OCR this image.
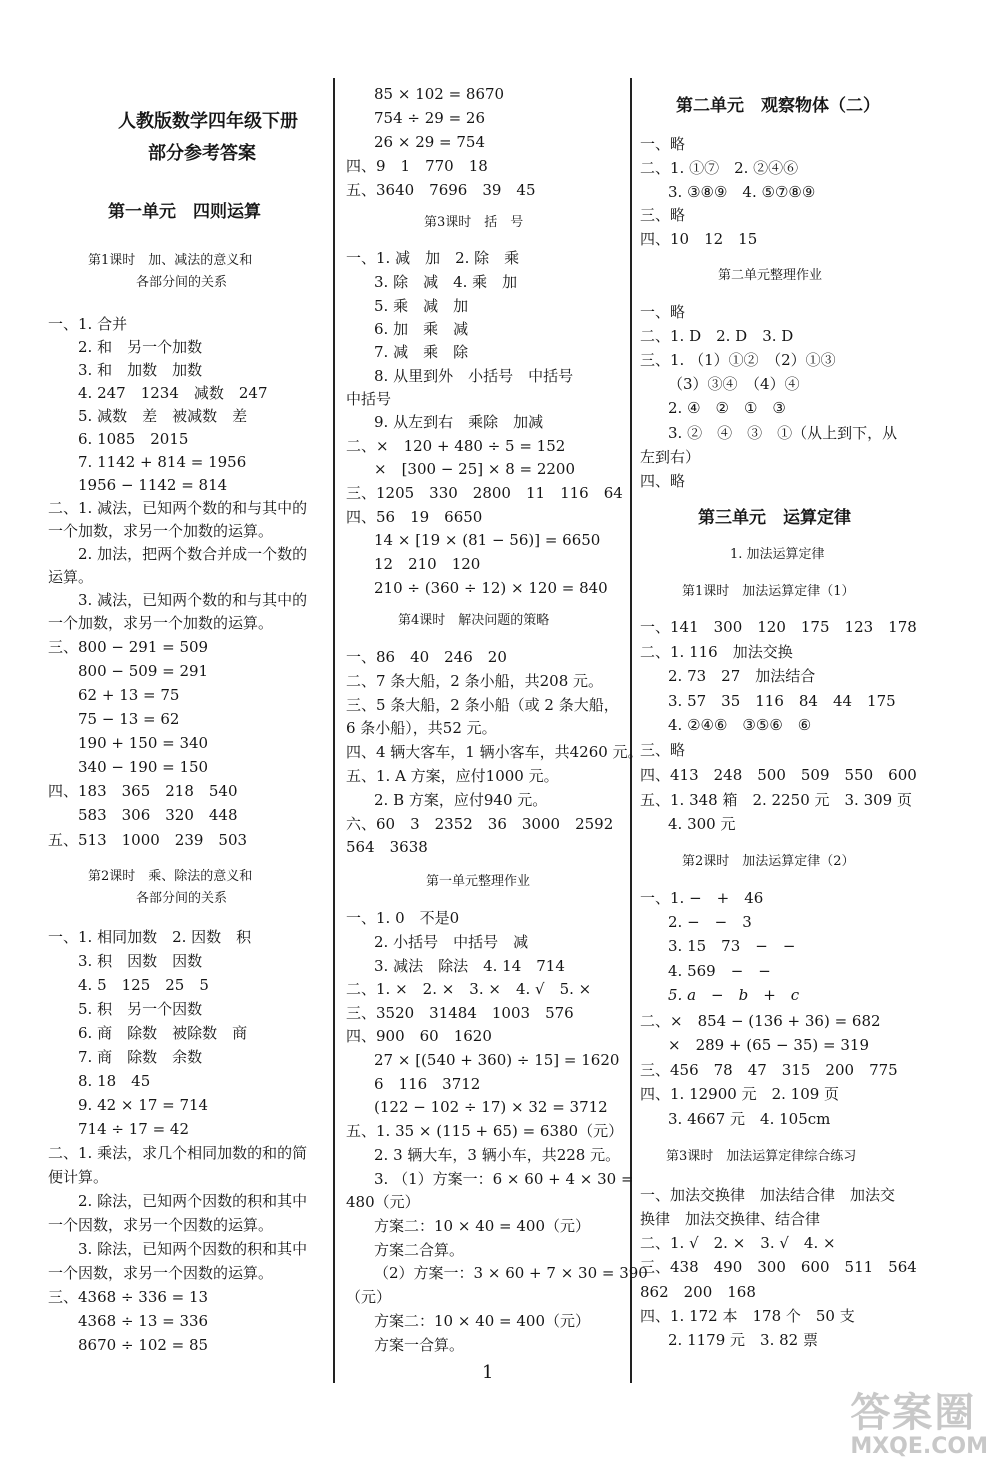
人教版数学四年级下册
部分参考答案
第一单元　四则运算
第1课时　加、减法的意义和
各部分间的关系
一、1. 合并
2. 和　另一个加数
3. 和　加数　加数
4. 247　1234　减数　247
5. 减数　差　被减数　差
6. 1085　2015
7. 1142 + 814 = 1956
1956 − 1142 = 814
二、1. 减法，已知两个数的和与其中的
一个加数，求另一个加数的运算。
2. 加法，把两个数合并成一个数的
运算。
3. 减法，已知两个数的和与其中的
一个加数，求另一个加数的运算。
三、800 − 291 = 509
800 − 509 = 291
62 + 13 = 75
75 − 13 = 62
190 + 150 = 340
340 − 190 = 150
四、183　365　218　540
583　306　320　448
五、513　1000　239　503
第2课时　乘、除法的意义和
各部分间的关系
一、1. 相同加数　2. 因数　积
3. 积　因数　因数
4. 5　125　25　5
5. 积　另一个因数
6. 商　除数　被除数　商
7. 商　除数　余数
8. 18　45
9. 42 × 17 = 714
714 ÷ 17 = 42
二、1. 乘法，求几个相同加数的和的简
便计算。
2. 除法，已知两个因数的积和其中
一个因数，求另一个因数的运算。
3. 除法，已知两个因数的积和其中
一个因数，求另一个因数的运算。
三、4368 ÷ 336 = 13
4368 ÷ 13 = 336
8670 ÷ 102 = 85
85 × 102 = 8670
754 ÷ 29 = 26
26 × 29 = 754
四、9　1　770　18
五、3640　7696　39　45
第3课时　括　号
一、1. 减　加　2. 除　乘
3. 除　减　4. 乘　加
5. 乘　减　加
6. 加　乘　减
7. 减　乘　除
8. 从里到外　小括号　中括号
中括号
9. 从左到右　乘除　加减
二、×　120 + 480 ÷ 5 = 152
×　[300 − 25] × 8 = 2200
三、1205　330　2800　11　116　64
四、56　19　6650
14 × [19 × (81 − 56)] = 6650
12　210　120
210 ÷ (360 ÷ 12) × 120 = 840
第4课时　解决问题的策略
一、86　40　246　20
二、7 条大船，2 条小船，共208 元。
三、5 条大船，2 条小船（或 2 条大船，
6 条小船），共52 元。
四、4 辆大客车，1 辆小客车，共4260 元。
五、1. A 方案，应付1000 元。
2. B 方案，应付940 元。
六、60　3　2352　36　3000　2592
564　3638
第一单元整理作业
一、1. 0　不是0
2. 小括号　中括号　减
3. 减法　除法　4. 14　714
二、1. ×　2. ×　3. ×　4. √　5. ×
三、3520　31484　1003　576
四、900　60　1620
27 × [(540 + 360) ÷ 15] = 1620
6　116　3712
(122 − 102 ÷ 17) × 32 = 3712
五、1. 35 × (115 + 65) = 6380（元）
2. 3 辆大车，3 辆小车，共228 元。
3. （1）方案一：6 × 60 + 4 × 30 =
480（元）
方案二：10 × 40 = 400（元）
方案二合算。
（2）方案一：3 × 60 + 7 × 30 = 390
（元）
方案二：10 × 40 = 400（元）
方案一合算。
第二单元　观察物体（二）
一、略
二、1. ①⑦　2. ②④⑥
3. ③⑧⑨　4. ⑤⑦⑧⑨
三、略
四、10　12　15
第二单元整理作业
一、略
二、1. D　2. D　3. D
三、1. （1）①②　（2）①③
（3）③④　（4）④
2. ④　②　①　③
3. ②　④　③　①（从上到下，从
左到右）
四、略
第三单元　运算定律
1. 加法运算定律
第1课时　加法运算定律（1）
一、141　300　120　175　123　178
二、1. 116　加法交换
2. 73　27　加法结合
3. 57　35　116　84　44　175
4. ②④⑥　③⑤⑥　⑥
三、略
四、413　248　500　509　550　600
五、1. 348 箱　2. 2250 元　3. 309 页
4. 300 元
第2课时　加法运算定律（2）
一、1. −　+　46
2. −　−　3
3. 15　73　−　−
4. 569　−　−
5. a　−　b　+　c
二、×　854 − (136 + 36) = 682
×　289 + (65 − 35) = 319
三、456　78　47　315　200　775
四、1. 12900 元　2. 109 页
3. 4667 元　4. 105cm
第3课时　加法运算定律综合练习
一、加法交换律　加法结合律　加法交
换律　加法交换律、结合律
二、1. √　2. ×　3. √　4. ×
三、438　490　300　600　511　564
862　200　168
四、1. 172 本　178 个　50 支
2. 1179 元　3. 82 票
1
答案圈
MXQE.COM
